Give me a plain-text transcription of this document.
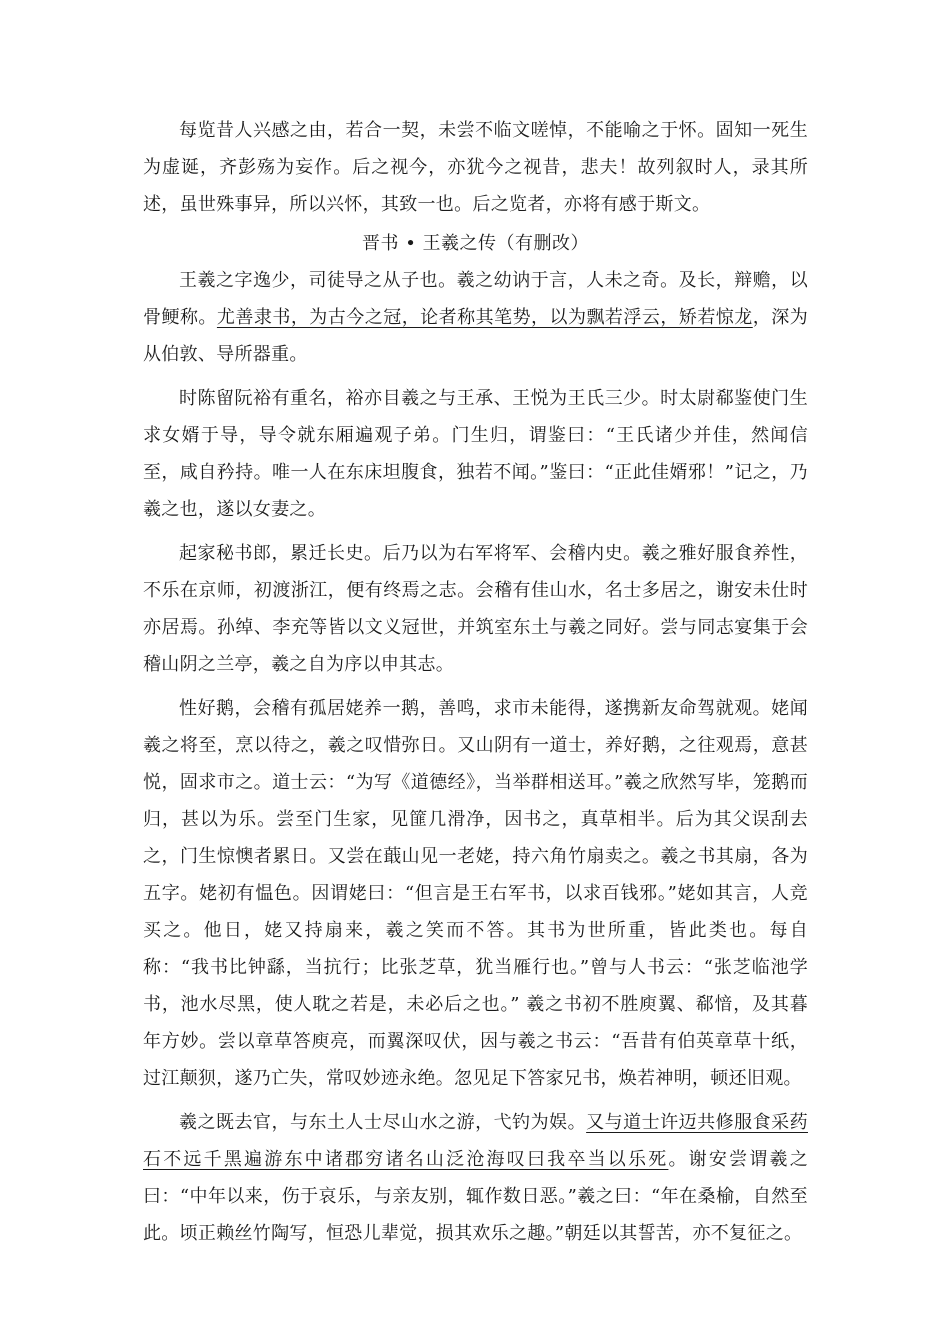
每览昔人兴感之由，若合一契，未尝不临文嗟悼，不能喻之于怀。固知一死生为虚诞，齐彭殇为妄作。后之视今，亦犹今之视昔，悲夫！故列叙时人，录其所述，虽世殊事异，所以兴怀，其致一也。后之览者，亦将有感于斯文。

晋书 • 王羲之传（有删改）

王羲之字逸少，司徒导之从子也。羲之幼讷于言，人未之奇。及长，辩赡，以骨鲠称。尤善隶书，为古今之冠，论者称其笔势，以为飘若浮云，矫若惊龙，深为从伯敦、导所器重。

时陈留阮裕有重名，裕亦目羲之与王承、王悦为王氏三少。时太尉郗鉴使门生求女婿于导，导令就东厢遍观子弟。门生归，谓鉴曰：“王氏诸少并佳，然闻信至，咸自矜持。唯一人在东床坦腹食，独若不闻。”鉴曰：“正此佳婿邪！”记之，乃羲之也，遂以女妻之。

起家秘书郎，累迁长史。后乃以为右军将军、会稽内史。羲之雅好服食养性，不乐在京师，初渡浙江，便有终焉之志。会稽有佳山水，名士多居之，谢安未仕时亦居焉。孙绰、李充等皆以文义冠世，并筑室东土与羲之同好。尝与同志宴集于会稽山阴之兰亭，羲之自为序以申其志。

性好鹅，会稽有孤居姥养一鹅，善鸣，求市未能得，遂携新友命驾就观。姥闻羲之将至，烹以待之，羲之叹惜弥日。又山阴有一道士，养好鹅，之往观焉，意甚悦，固求市之。道士云：“为写《道德经》，当举群相送耳。”羲之欣然写毕，笼鹅而归，甚以为乐。尝至门生家，见篚几滑净，因书之，真草相半。后为其父误刮去之，门生惊懊者累日。又尝在蕺山见一老姥，持六角竹扇卖之。羲之书其扇，各为五字。姥初有愠色。因谓姥曰：“但言是王右军书，以求百钱邪。”姥如其言，人竞买之。他日，姥又持扇来，羲之笑而不答。其书为世所重，皆此类也。每自称：“我书比钟繇，当抗行；比张芝草，犹当雁行也。”曾与人书云：“张芝临池学书，池水尽黑，使人耽之若是，未必后之也。” 羲之书初不胜庾翼、郗愔，及其暮年方妙。尝以章草答庾亮，而翼深叹伏，因与羲之书云：“吾昔有伯英章草十纸，过江颠狈，遂乃亡失，常叹妙迹永绝。忽见足下答家兄书，焕若神明，顿还旧观。

羲之既去官，与东土人士尽山水之游，弋钓为娱。又与道士许迈共修服食采药石不远千黑遍游东中诸郡穷诸名山泛沧海叹曰我卒当以乐死。谢安尝谓羲之曰：“中年以来，伤于哀乐，与亲友别，辄作数日恶。”羲之曰：“年在桑榆，自然至此。顷正赖丝竹陶写，恒恐儿辈觉，损其欢乐之趣。”朝廷以其誓苦，亦不复征之。
